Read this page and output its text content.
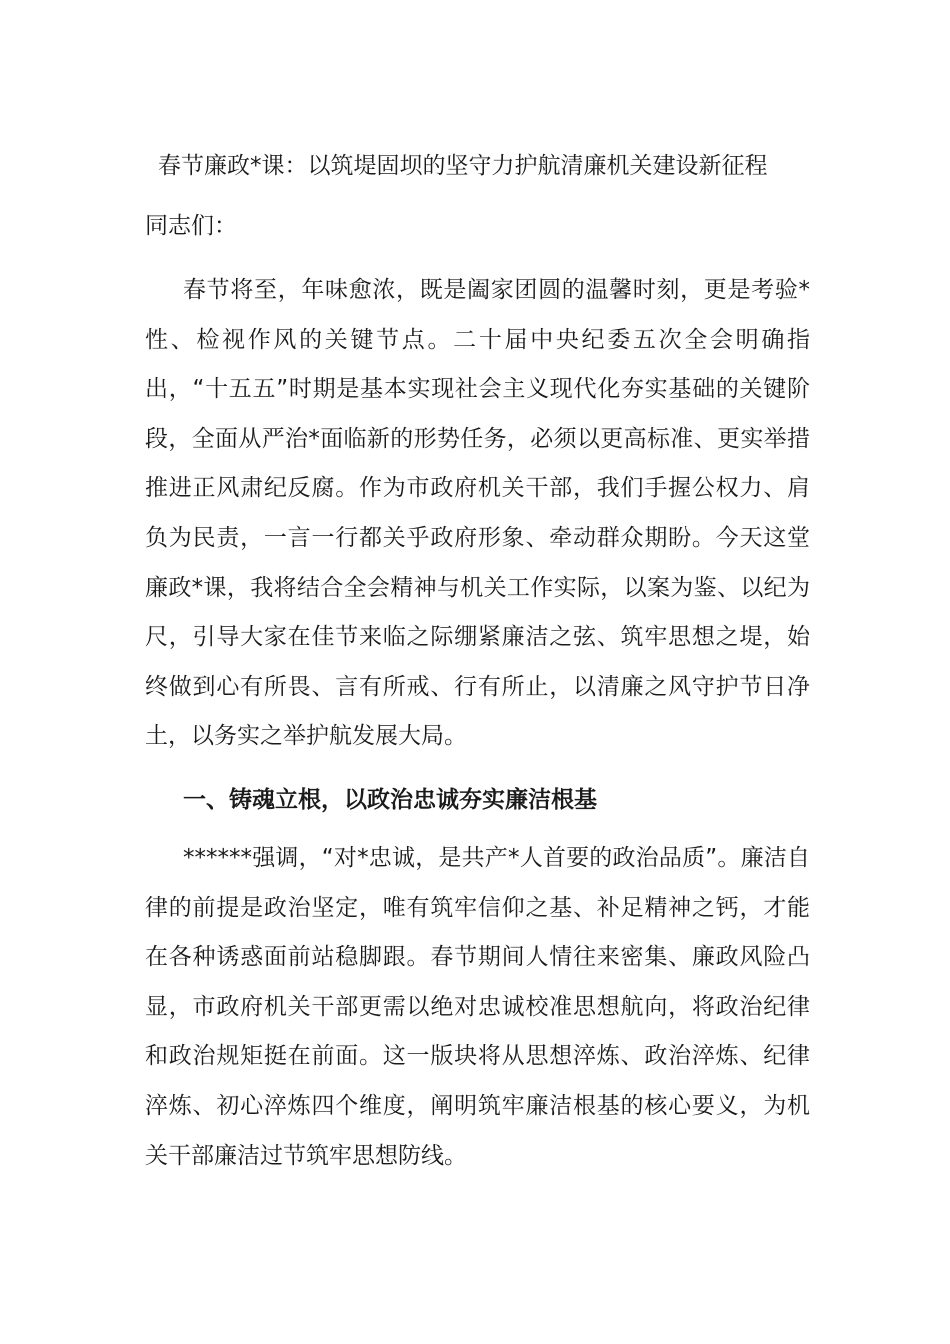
春节廉政*课：以筑堤固坝的坚守力护航清廉机关建设新征程

同志们：

春节将至，年味愈浓，既是阖家团圆的温馨时刻，更是考验*性、检视作风的关键节点。二十届中央纪委五次全会明确指出，“十五五”时期是基本实现社会主义现代化夯实基础的关键阶段，全面从严治*面临新的形势任务，必须以更高标准、更实举措推进正风肃纪反腐。作为市政府机关干部，我们手握公权力、肩负为民责，一言一行都关乎政府形象、牵动群众期盼。今天这堂廉政*课，我将结合全会精神与机关工作实际，以案为鉴、以纪为尺，引导大家在佳节来临之际绷紧廉洁之弦、筑牢思想之堤，始终做到心有所畏、言有所戒、行有所止，以清廉之风守护节日净土，以务实之举护航发展大局。

一、铸魂立根，以政治忠诚夯实廉洁根基

******强调，“对*忠诚，是共产*人首要的政治品质”。廉洁自律的前提是政治坚定，唯有筑牢信仰之基、补足精神之钙，才能在各种诱惑面前站稳脚跟。春节期间人情往来密集、廉政风险凸显，市政府机关干部更需以绝对忠诚校准思想航向，将政治纪律和政治规矩挺在前面。这一版块将从思想淬炼、政治淬炼、纪律淬炼、初心淬炼四个维度，阐明筑牢廉洁根基的核心要义，为机关干部廉洁过节筑牢思想防线。
